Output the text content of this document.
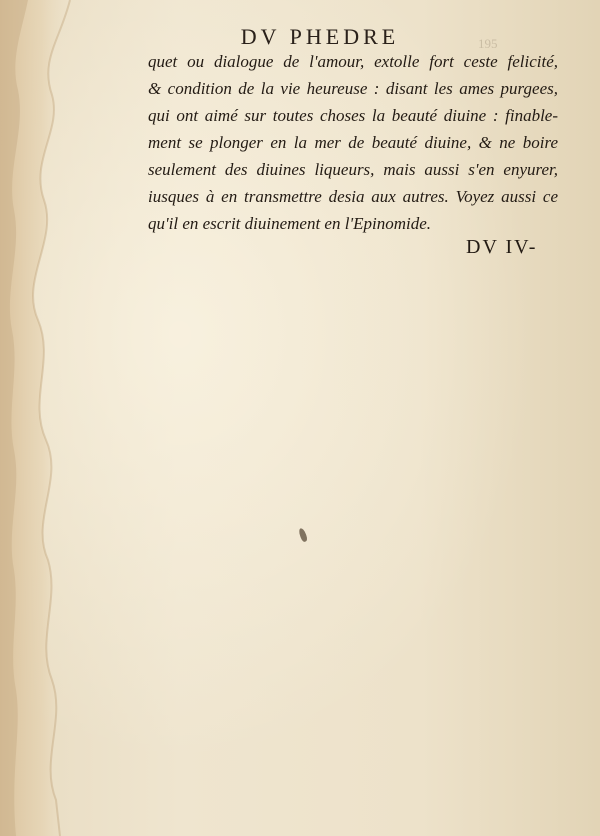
195
DV PHEDRE
quet ou dialogue de l'amour, extolle fort ceste felicité,
& condition de la vie heureuse : disant les ames purgees,
qui ont aimé sur toutes choses la beauté diuine : finable-
ment se plonger en la mer de beauté diuine, & ne boire
seulement des diuines liqueurs, mais aussi s'en enyurer,
iusques à en transmettre desia aux autres. Voyez aussi ce
qu'il en escrit diuinement en l'Epinomide.
DV IV-
